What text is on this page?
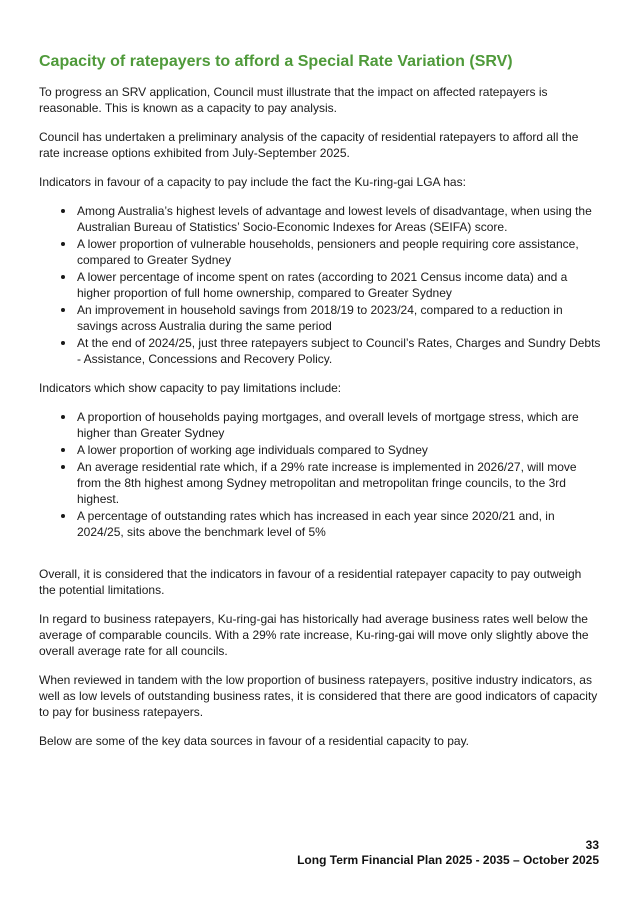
Capacity of ratepayers to afford a Special Rate Variation (SRV)

To progress an SRV application, Council must illustrate that the impact on affected ratepayers is reasonable. This is known as a capacity to pay analysis.

Council has undertaken a preliminary analysis of the capacity of residential ratepayers to afford all the rate increase options exhibited from July-September 2025.

Indicators in favour of a capacity to pay include the fact the Ku-ring-gai LGA has:

Among Australia’s highest levels of advantage and lowest levels of disadvantage, when using the Australian Bureau of Statistics’ Socio-Economic Indexes for Areas (SEIFA) score.
A lower proportion of vulnerable households, pensioners and people requiring core assistance, compared to Greater Sydney
A lower percentage of income spent on rates (according to 2021 Census income data) and a higher proportion of full home ownership, compared to Greater Sydney
An improvement in household savings from 2018/19 to 2023/24, compared to a reduction in savings across Australia during the same period
At the end of 2024/25, just three ratepayers subject to Council’s Rates, Charges and Sundry Debts - Assistance, Concessions and Recovery Policy.

Indicators which show capacity to pay limitations include:

A proportion of households paying mortgages, and overall levels of mortgage stress, which are higher than Greater Sydney
A lower proportion of working age individuals compared to Sydney
An average residential rate which, if a 29% rate increase is implemented in 2026/27, will move from the 8th highest among Sydney metropolitan and metropolitan fringe councils, to the 3rd highest.
A percentage of outstanding rates which has increased in each year since 2020/21 and, in 2024/25, sits above the benchmark level of 5%

Overall, it is considered that the indicators in favour of a residential ratepayer capacity to pay outweigh the potential limitations.

In regard to business ratepayers, Ku-ring-gai has historically had average business rates well below the average of comparable councils. With a 29% rate increase, Ku-ring-gai will move only slightly above the overall average rate for all councils.

When reviewed in tandem with the low proportion of business ratepayers, positive industry indicators, as well as low levels of outstanding business rates, it is considered that there are good indicators of capacity to pay for business ratepayers.

Below are some of the key data sources in favour of a residential capacity to pay.

33
Long Term Financial Plan 2025 - 2035 – October 2025
